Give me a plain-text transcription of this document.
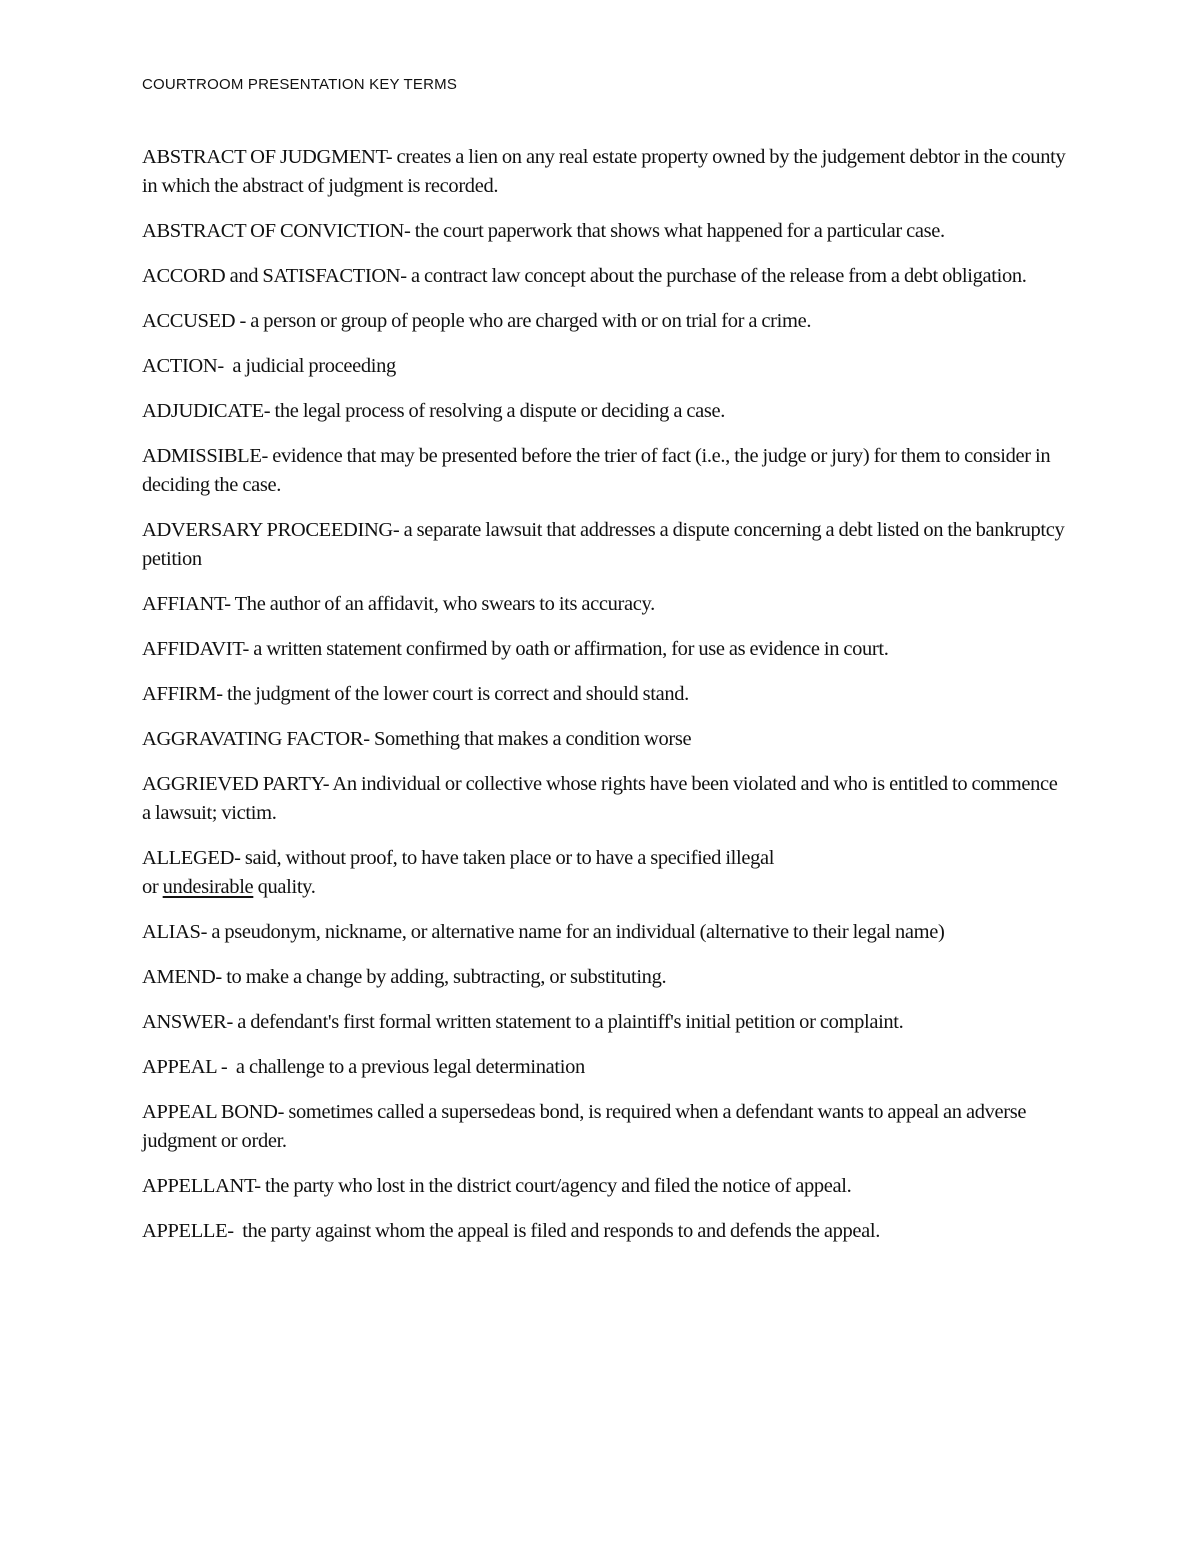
COURTROOM PRESENTATION KEY TERMS

ABSTRACT OF JUDGMENT- creates a lien on any real estate property owned by the judgement debtor in the county in which the abstract of judgment is recorded.

ABSTRACT OF CONVICTION- the court paperwork that shows what happened for a particular case.

ACCORD and SATISFACTION- a contract law concept about the purchase of the release from a debt obligation.

ACCUSED - a person or group of people who are charged with or on trial for a crime.

ACTION-  a judicial proceeding

ADJUDICATE- the legal process of resolving a dispute or deciding a case.

ADMISSIBLE- evidence that may be presented before the trier of fact (i.e., the judge or jury) for them to consider in deciding the case.

ADVERSARY PROCEEDING- a separate lawsuit that addresses a dispute concerning a debt listed on the bankruptcy petition

AFFIANT- The author of an affidavit, who swears to its accuracy.

AFFIDAVIT- a written statement confirmed by oath or affirmation, for use as evidence in court.

AFFIRM- the judgment of the lower court is correct and should stand.

AGGRAVATING FACTOR- Something that makes a condition worse

AGGRIEVED PARTY- An individual or collective whose rights have been violated and who is entitled to commence a lawsuit; victim.

ALLEGED- said, without proof, to have taken place or to have a specified illegal
or undesirable quality.

ALIAS- a pseudonym, nickname, or alternative name for an individual (alternative to their legal name)

AMEND- to make a change by adding, subtracting, or substituting.

ANSWER- a defendant's first formal written statement to a plaintiff's initial petition or complaint.

APPEAL -  a challenge to a previous legal determination

APPEAL BOND- sometimes called a supersedeas bond, is required when a defendant wants to appeal an adverse judgment or order.

APPELLANT- the party who lost in the district court/agency and filed the notice of appeal.

APPELLE-  the party against whom the appeal is filed and responds to and defends the appeal.
